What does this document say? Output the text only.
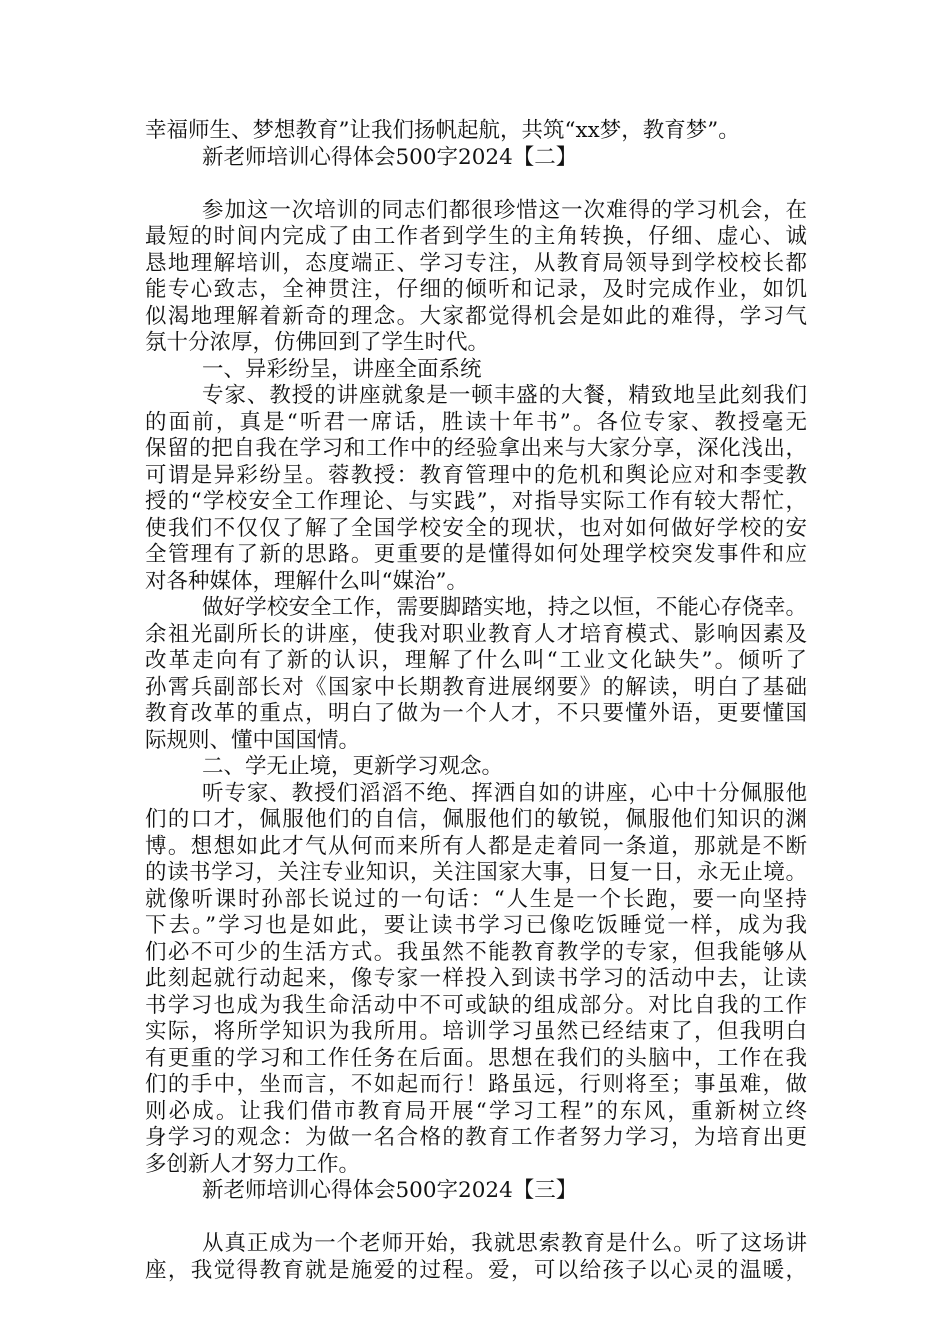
幸福师生、梦想教育”让我们扬帆起航，共筑“xx梦，教育梦”。
新老师培训心得体会500字2024【二】
参加这一次培训的同志们都很珍惜这一次难得的学习机会，在
最短的时间内完成了由工作者到学生的主角转换，仔细、虚心、诚
恳地理解培训，态度端正、学习专注，从教育局领导到学校校长都
能专心致志，全神贯注，仔细的倾听和记录，及时完成作业，如饥
似渴地理解着新奇的理念。大家都觉得机会是如此的难得，学习气
氛十分浓厚，仿佛回到了学生时代。
一、异彩纷呈，讲座全面系统
专家、教授的讲座就象是一顿丰盛的大餐，精致地呈此刻我们
的面前，真是“听君一席话，胜读十年书”。各位专家、教授毫无
保留的把自我在学习和工作中的经验拿出来与大家分享，深化浅出，
可谓是异彩纷呈。蓉教授：教育管理中的危机和舆论应对和李雯教
授的“学校安全工作理论、与实践”，对指导实际工作有较大帮忙，
使我们不仅仅了解了全国学校安全的现状，也对如何做好学校的安
全管理有了新的思路。更重要的是懂得如何处理学校突发事件和应
对各种媒体，理解什么叫“媒治”。
做好学校安全工作，需要脚踏实地，持之以恒，不能心存侥幸。
余祖光副所长的讲座，使我对职业教育人才培育模式、影响因素及
改革走向有了新的认识，理解了什么叫“工业文化缺失”。倾听了
孙霄兵副部长对《国家中长期教育进展纲要》的解读，明白了基础
教育改革的重点，明白了做为一个人才，不只要懂外语，更要懂国
际规则、懂中国国情。
二、学无止境，更新学习观念。
听专家、教授们滔滔不绝、挥洒自如的讲座，心中十分佩服他
们的口才，佩服他们的自信，佩服他们的敏锐，佩服他们知识的渊
博。想想如此才气从何而来所有人都是走着同一条道，那就是不断
的读书学习，关注专业知识，关注国家大事，日复一日，永无止境。
就像听课时孙部长说过的一句话：“人生是一个长跑，要一向坚持
下去。”学习也是如此，要让读书学习已像吃饭睡觉一样，成为我
们必不可少的生活方式。我虽然不能教育教学的专家，但我能够从
此刻起就行动起来，像专家一样投入到读书学习的活动中去，让读
书学习也成为我生命活动中不可或缺的组成部分。对比自我的工作
实际，将所学知识为我所用。培训学习虽然已经结束了，但我明白
有更重的学习和工作任务在后面。思想在我们的头脑中，工作在我
们的手中，坐而言，不如起而行！路虽远，行则将至；事虽难，做
则必成。让我们借市教育局开展“学习工程”的东风，重新树立终
身学习的观念：为做一名合格的教育工作者努力学习，为培育出更
多创新人才努力工作。
新老师培训心得体会500字2024【三】
从真正成为一个老师开始，我就思索教育是什么。听了这场讲
座，我觉得教育就是施爱的过程。爱，可以给孩子以心灵的温暖，
